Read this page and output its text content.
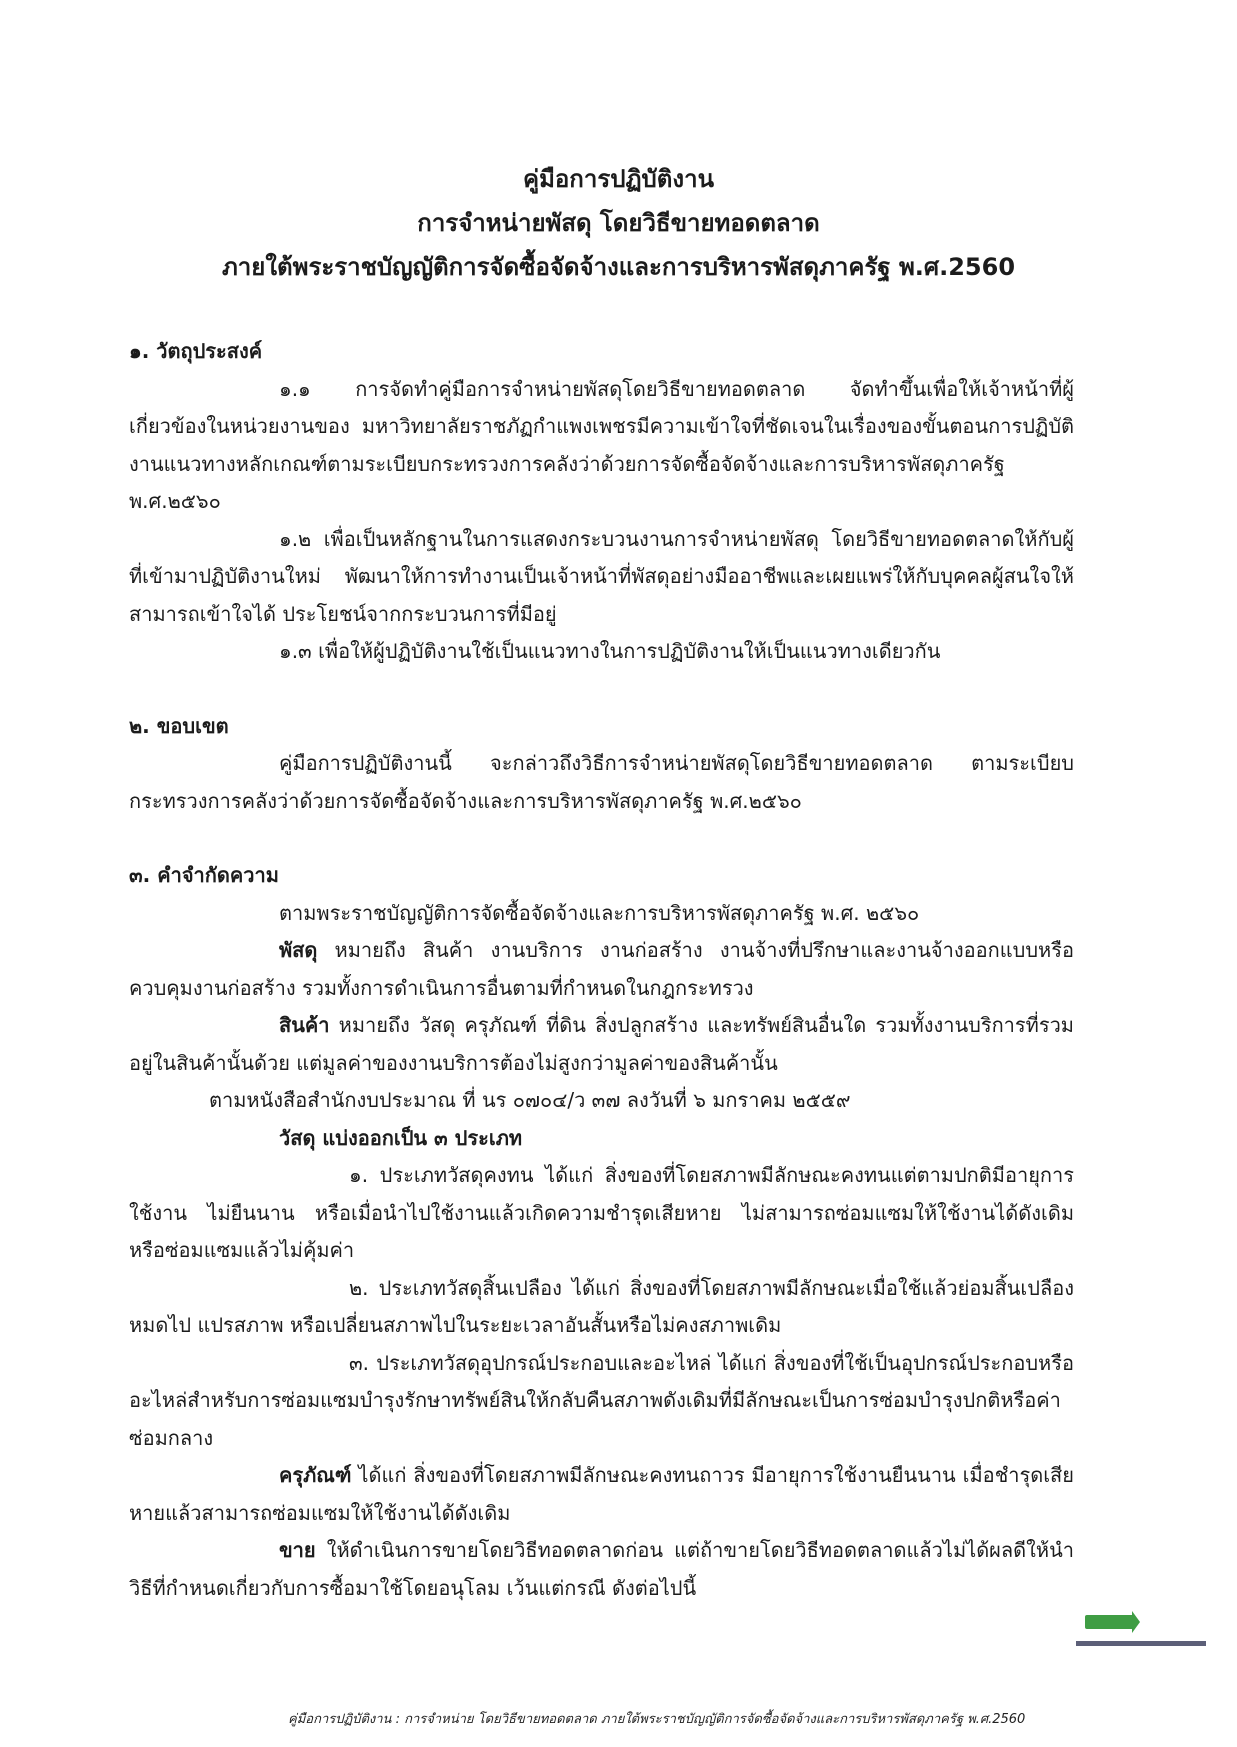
คู่มือการปฏิบัติงาน
การจำหน่ายพัสดุ โดยวิธีขายทอดตลาด
ภายใต้พระราชบัญญัติการจัดซื้อจัดจ้างและการบริหารพัสดุภาครัฐ พ.ศ.2560

๑. วัตถุประสงค์

๑.๑ การจัดทำคู่มือการจำหน่ายพัสดุโดยวิธีขายทอดตลาด จัดทำขึ้นเพื่อให้เจ้าหน้าที่ผู้เกี่ยวข้องในหน่วยงานของ มหาวิทยาลัยราชภัฏกำแพงเพชรมีความเข้าใจที่ชัดเจนในเรื่องของขั้นตอนการปฏิบัติงานแนวทางหลักเกณฑ์ตามระเบียบกระทรวงการคลังว่าด้วยการจัดซื้อจัดจ้างและการบริหารพัสดุภาครัฐ พ.ศ.๒๕๖๐

๑.๒ เพื่อเป็นหลักฐานในการแสดงกระบวนงานการจำหน่ายพัสดุ โดยวิธีขายทอดตลาดให้กับผู้ที่เข้ามาปฏิบัติงานใหม่ พัฒนาให้การทำงานเป็นเจ้าหน้าที่พัสดุอย่างมืออาชีพและเผยแพร่ให้กับบุคคลผู้สนใจให้สามารถเข้าใจได้ ประโยชน์จากกระบวนการที่มีอยู่

๑.๓ เพื่อให้ผู้ปฏิบัติงานใช้เป็นแนวทางในการปฏิบัติงานให้เป็นแนวทางเดียวกัน

๒. ขอบเขต

คู่มือการปฏิบัติงานนี้ จะกล่าวถึงวิธีการจำหน่ายพัสดุโดยวิธีขายทอดตลาด ตามระเบียบกระทรวงการคลังว่าด้วยการจัดซื้อจัดจ้างและการบริหารพัสดุภาครัฐ พ.ศ.๒๕๖๐

๓. คำจำกัดความ

ตามพระราชบัญญัติการจัดซื้อจัดจ้างและการบริหารพัสดุภาครัฐ พ.ศ. ๒๕๖๐

พัสดุ หมายถึง สินค้า งานบริการ งานก่อสร้าง งานจ้างที่ปรึกษาและงานจ้างออกแบบหรือควบคุมงานก่อสร้าง รวมทั้งการดำเนินการอื่นตามที่กำหนดในกฎกระทรวง

สินค้า หมายถึง วัสดุ ครุภัณฑ์ ที่ดิน สิ่งปลูกสร้าง และทรัพย์สินอื่นใด รวมทั้งงานบริการที่รวมอยู่ในสินค้านั้นด้วย แต่มูลค่าของงานบริการต้องไม่สูงกว่ามูลค่าของสินค้านั้น

ตามหนังสือสำนักงบประมาณ ที่ นร ๐๗๐๔/ว ๓๗ ลงวันที่ ๖ มกราคม ๒๕๕๙

วัสดุ แบ่งออกเป็น ๓ ประเภท

๑. ประเภทวัสดุคงทน ได้แก่ สิ่งของที่โดยสภาพมีลักษณะคงทนแต่ตามปกติมีอายุการใช้งาน ไม่ยืนนาน หรือเมื่อนำไปใช้งานแล้วเกิดความชำรุดเสียหาย ไม่สามารถซ่อมแซมให้ใช้งานได้ดังเดิม หรือซ่อมแซมแล้วไม่คุ้มค่า

๒. ประเภทวัสดุสิ้นเปลือง ได้แก่ สิ่งของที่โดยสภาพมีลักษณะเมื่อใช้แล้วย่อมสิ้นเปลืองหมดไป แปรสภาพ หรือเปลี่ยนสภาพไปในระยะเวลาอันสั้นหรือไม่คงสภาพเดิม

๓. ประเภทวัสดุอุปกรณ์ประกอบและอะไหล่ ได้แก่ สิ่งของที่ใช้เป็นอุปกรณ์ประกอบหรืออะไหล่สำหรับการซ่อมแซมบำรุงรักษาทรัพย์สินให้กลับคืนสภาพดังเดิมที่มีลักษณะเป็นการซ่อมบำรุงปกติหรือค่าซ่อมกลาง

ครุภัณฑ์ ได้แก่ สิ่งของที่โดยสภาพมีลักษณะคงทนถาวร มีอายุการใช้งานยืนนาน เมื่อชำรุดเสียหายแล้วสามารถซ่อมแซมให้ใช้งานได้ดังเดิม

ขาย ให้ดำเนินการขายโดยวิธีทอดตลาดก่อน แต่ถ้าขายโดยวิธีทอดตลาดแล้วไม่ได้ผลดีให้นำวิธีที่กำหนดเกี่ยวกับการซื้อมาใช้โดยอนุโลม เว้นแต่กรณี ดังต่อไปนี้

คู่มือการปฏิบัติงาน : การจำหน่าย โดยวิธีขายทอดตลาด ภายใต้พระราชบัญญัติการจัดซื้อจัดจ้างและการบริหารพัสดุภาครัฐ พ.ศ.2560
